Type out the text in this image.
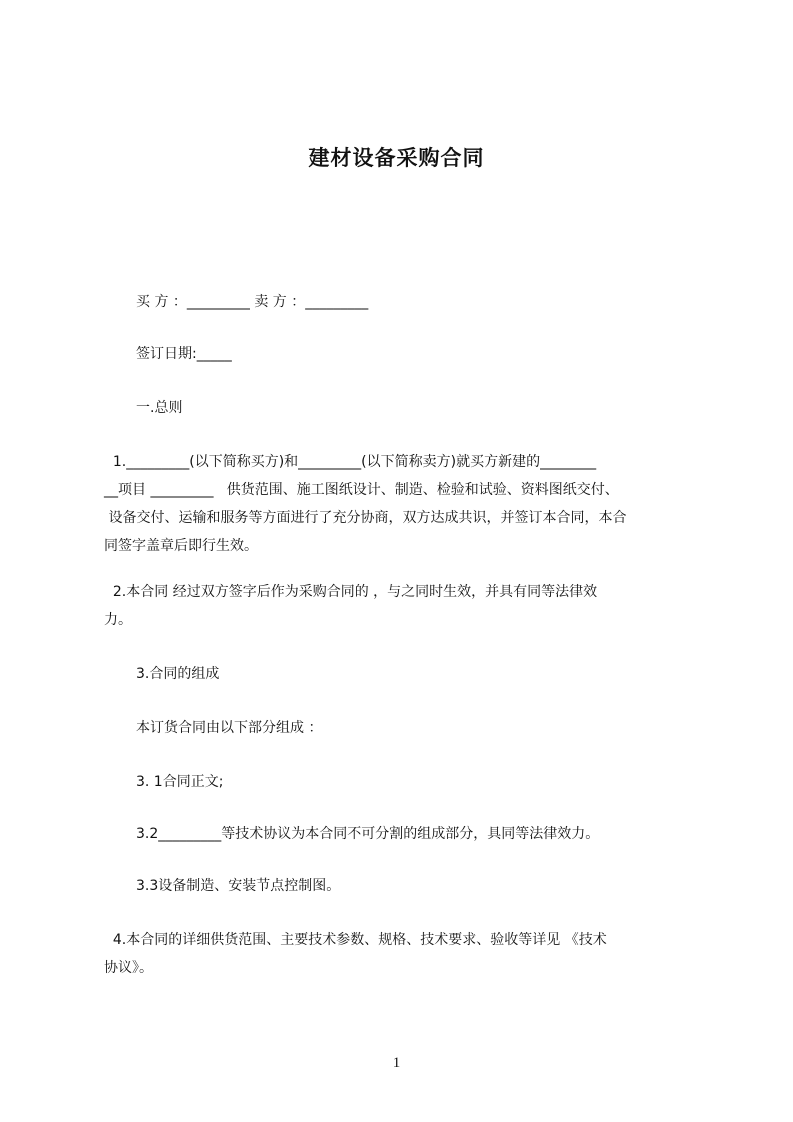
建材设备采购合同
买 方 ：_________ 卖 方 ：_________
签订日期:_____
一.总则

1._________(以下简称买方)和_________(以下简称卖方)就买方新建的________

__项目 _________   供货范围、施工图纸设计、制造、检验和试验、资料图纸交付、

设备交付、运输和服务等方面进行了充分协商，双方达成共识，并签订本合同，本合

同签字盖章后即行生效。

2.本合同 经过双方签字后作为采购合同的 ，与之同时生效，并具有同等法律效

力。

3.合同的组成
本订货合同由以下部分组成 ：
3. 1合同正文;
3.2_________等技术协议为本合同不可分割的组成部分，具同等法律效力。
3.3设备制造、安装节点控制图。

4.本合同的详细供货范围、主要技术参数、规格、技术要求、验收等详见 《技术

协议》。

1
